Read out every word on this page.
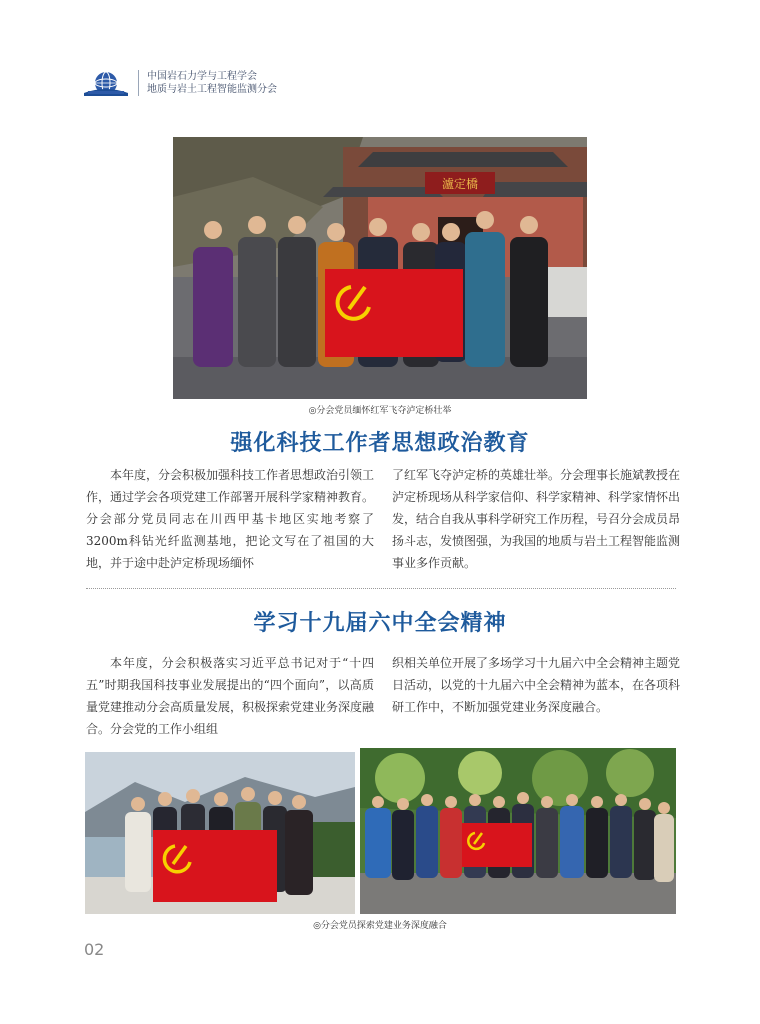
中国岩石力学与工程学会
地质与岩土工程智能监测分会
瀘定橋
◎分会党员缅怀红军飞夺泸定桥壮举
强化科技工作者思想政治教育

本年度，分会积极加强科技工作者思想政治引领工作，通过学会各项党建工作部署开展科学家精神教育。分会部分党员同志在川西甲基卡地区实地考察了3200m科钻光纤监测基地，把论文写在了祖国的大地，并于途中赴泸定桥现场缅怀

了红军飞夺泸定桥的英雄壮举。分会理事长施斌教授在泸定桥现场从科学家信仰、科学家精神、科学家情怀出发，结合自我从事科学研究工作历程，号召分会成员昂扬斗志，发愤图强，为我国的地质与岩土工程智能监测事业多作贡献。

学习十九届六中全会精神

本年度，分会积极落实习近平总书记对于“十四五”时期我国科技事业发展提出的“四个面向”，以高质量党建推动分会高质量发展，积极探索党建业务深度融合。分会党的工作小组组

织相关单位开展了多场学习十九届六中全会精神主题党日活动，以党的十九届六中全会精神为蓝本，在各项科研工作中，不断加强党建业务深度融合。

◎分会党员探索党建业务深度融合
02
